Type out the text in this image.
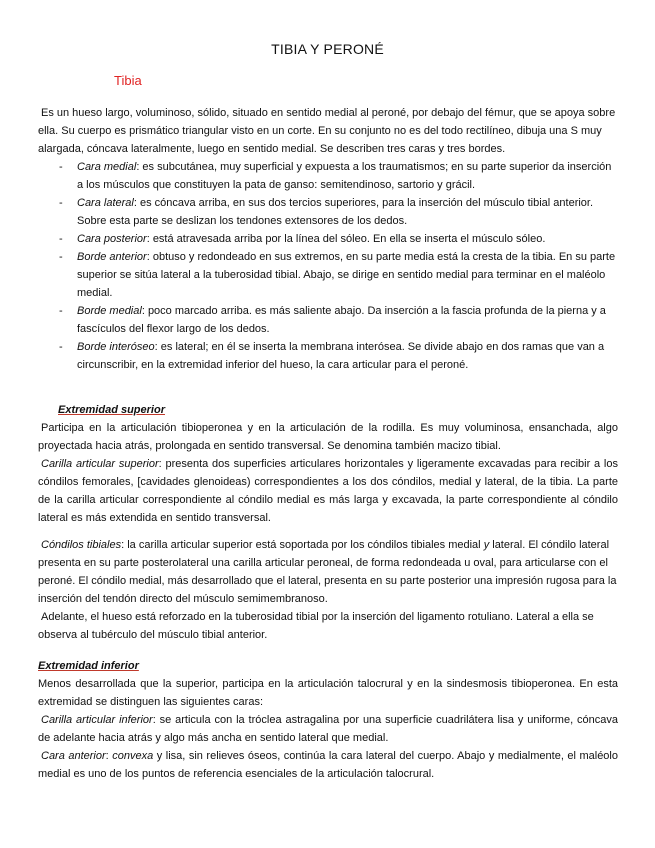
TIBIA Y PERONÉ
Tibia

Es un hueso largo, voluminoso, sólido, situado en sentido medial al peroné, por debajo del fémur, que se apoya sobre ella. Su cuerpo es prismático triangular visto en un corte. En su conjunto no es del todo rectilíneo, dibuja una S muy alargada, cóncava lateralmente, luego en sentido medial. Se describen tres caras y tres bordes.

- Cara medial: es subcutánea, muy superficial y expuesta a los traumatismos; en su parte superior da inserción a los músculos que constituyen la pata de ganso: semitendinoso, sartorio y grácil.
- Cara lateral: es cóncava arriba, en sus dos tercios superiores, para la inserción del músculo tibial anterior. Sobre esta parte se deslizan los tendones extensores de los dedos.
- Cara posterior: está atravesada arriba por la línea del sóleo. En ella se inserta el músculo sóleo.
- Borde anterior: obtuso y redondeado en sus extremos, en su parte media está la cresta de la tibia. En su parte superior se sitúa lateral a la tuberosidad tibial. Abajo, se dirige en sentido medial para terminar en el maléolo medial.
- Borde medial: poco marcado arriba. es más saliente abajo. Da inserción a la fascia profunda de la pierna y a fascículos del flexor largo de los dedos.
- Borde interóseo: es lateral; en él se inserta la membrana interósea. Se divide abajo en dos ramas que van a circunscribir, en la extremidad inferior del hueso, la cara articular para el peroné.
Extremidad superior

Participa en la articulación tibioperonea y en la articulación de la rodilla. Es muy voluminosa, ensanchada, algo proyectada hacia atrás, prolongada en sentido transversal. Se denomina también macizo tibial.

Carilla articular superior: presenta dos superficies articulares horizontales y ligeramente excavadas para recibir a los cóndilos femorales, [cavidades glenoideas) correspondientes a los dos cóndilos, medial y lateral, de la tibia. La parte de la carilla articular correspondiente al cóndilo medial es más larga y excavada, la parte correspondiente al cóndilo lateral es más extendida en sentido transversal.

Cóndilos tibiales: la carilla articular superior está soportada por los cóndilos tibiales medial y lateral. El cóndilo lateral presenta en su parte posterolateral una carilla articular peroneal, de forma redondeada u oval, para articularse con el peroné. El cóndilo medial, más desarrollado que el lateral, presenta en su parte posterior una impresión rugosa para la inserción del tendón directo del músculo semimembranoso.

Adelante, el hueso está reforzado en la tuberosidad tibial por la inserción del ligamento rotuliano. Lateral a ella se observa al tubérculo del músculo tibial anterior.

Extremidad inferior

Menos desarrollada que la superior, participa en la articulación talocrural y en la sindesmosis tibioperonea. En esta extremidad se distinguen las siguientes caras:

Carilla articular inferior: se articula con la tróclea astragalina por una superficie cuadrilátera lisa y uniforme, cóncava de adelante hacia atrás y algo más ancha en sentido lateral que medial.

Cara anterior: convexa y lisa, sin relieves óseos, continúa la cara lateral del cuerpo. Abajo y medialmente, el maléolo medial es uno de los puntos de referencia esenciales de la articulación talocrural.
